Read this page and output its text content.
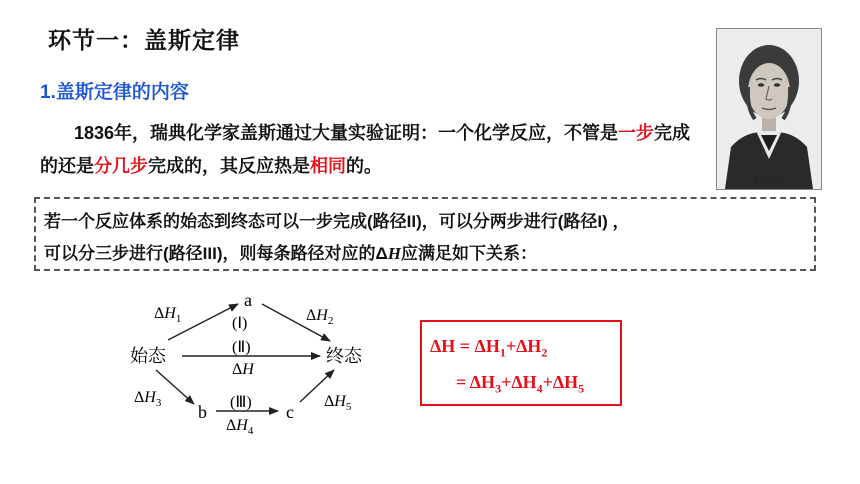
环节一：盖斯定律
1.盖斯定律的内容
1836年，瑞典化学家盖斯通过大量实验证明：一个化学反应，不管是一步完成的还是分几步完成的，其反应热是相同的。
盖斯.G.H.
若一个反应体系的始态到终态可以一步完成(路径II)，可以分两步进行(路径I) ，
可以分三步进行(路径III)，则每条路径对应的ΔH应满足如下关系：
始态	终态
a
b	c
(Ⅰ)
(Ⅱ)
(Ⅲ)
$\Delta H_1$	$\Delta H_2$
ΔH
$\Delta H_3$
$\Delta H_4$
$\Delta H_5$
$\Delta H = \Delta H_1+\Delta H_2$
= $\Delta H_3+\Delta H_4+\Delta H_5$
